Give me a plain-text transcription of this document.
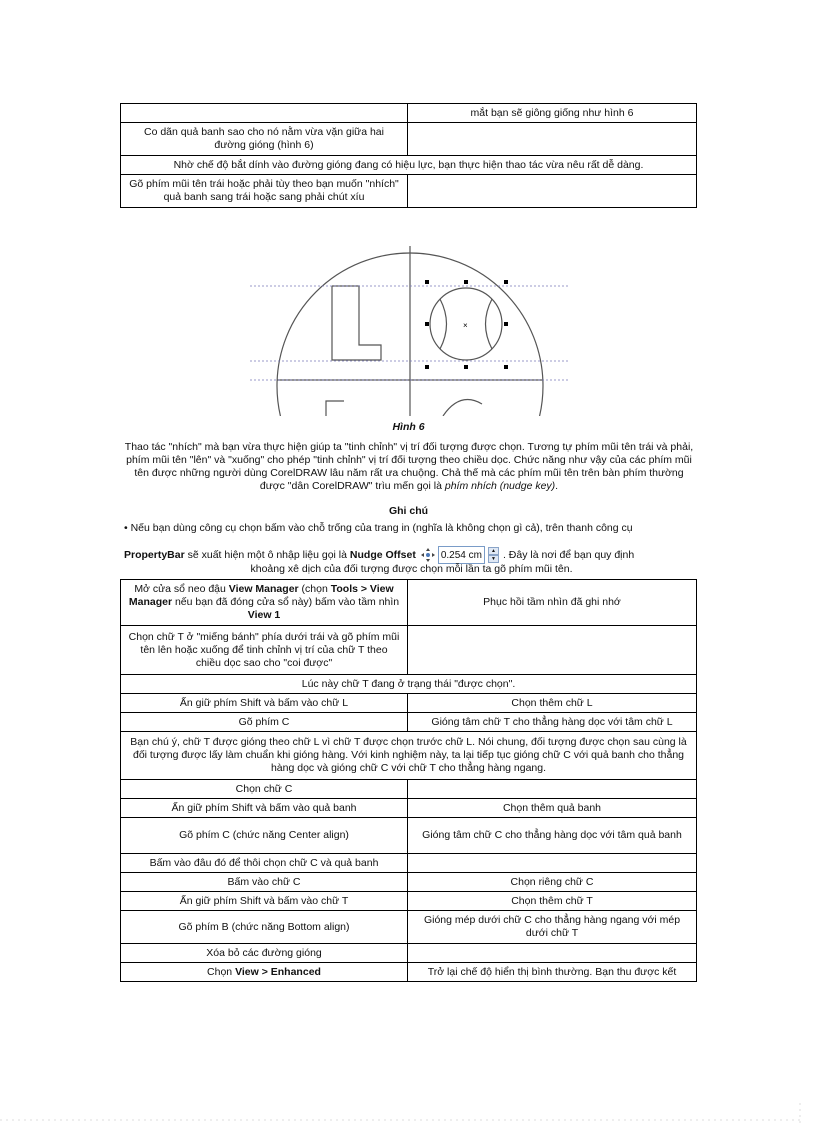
	mắt bạn sẽ giông giống như hình 6
Co dãn quả banh sao cho nó nằm vừa vặn giữa hai đường gióng (hình 6)	
Nhờ chế độ bắt dính vào đường gióng đang có hiệu lực, bạn thực hiện thao tác vừa nêu rất dễ dàng.	
Gõ phím mũi tên trái hoặc phải tùy theo bạn muốn "nhích" quả banh sang trái hoặc sang phải chút xíu	
×
Hình 6
Thao tác "nhích" mà bạn vừa thực hiện giúp ta "tinh chỉnh" vị trí đối tượng được chọn. Tương tự phím mũi tên trái và phải, phím mũi tên "lên" và "xuống" cho phép "tinh chỉnh" vị trí đối tượng theo chiều dọc. Chức năng như vậy của các phím mũi tên được những người dùng CorelDRAW lâu năm rất ưa chuộng. Chả thế mà các phím mũi tên trên bàn phím thường được "dân CorelDRAW" trìu mến gọi là phím nhích (nudge key).
Ghi chú
• Nếu bạn dùng công cụ chọn bấm vào chỗ trống của trang in (nghĩa là không chọn gì cả), trên thanh công cụ
PropertyBar sẽ xuất hiện một ô nhập liệu gọi là Nudge Offset	0.254 cm	▲
▼ . Đây là nơi để bạn quy định
khoảng xê dịch của đối tượng được chọn mỗi lần ta gõ phím mũi tên.
Mở cửa sổ neo đậu View Manager (chọn Tools > View Manager nếu bạn đã đóng cửa sổ này) bấm vào tầm nhìn View 1	Phục hồi tầm nhìn đã ghi nhớ
Chọn chữ T ở "miếng bánh" phía dưới trái và gõ phím mũi tên lên hoặc xuống để tinh chỉnh vị trí của chữ T theo chiều dọc sao cho "coi được"	
Lúc này chữ T đang ở trạng thái "được chọn".	
Ấn giữ phím Shift và bấm vào chữ L	Chọn thêm chữ L
Gõ phím C	Gióng tâm chữ T cho thẳng hàng dọc với tâm chữ L
Bạn chú ý, chữ T được gióng theo chữ L vì chữ T được chọn trước chữ L. Nói chung, đối tượng được chọn sau cùng là đối tượng được lấy làm chuẩn khi gióng hàng. Với kinh nghiệm này, ta lại tiếp tục gióng chữ C với quả banh cho thẳng hàng dọc và gióng chữ C với chữ T cho thẳng hàng ngang.	
Chọn chữ C	
Ấn giữ phím Shift và bấm vào quả banh	Chọn thêm quả banh
Gõ phím C (chức năng Center align)	Gióng tâm chữ C cho thẳng hàng dọc với tâm quả banh
Bấm vào đâu đó để thôi chọn chữ C và quả banh	
Bấm vào chữ C	Chọn riêng chữ C
Ấn giữ phím Shift và bấm vào chữ T	Chọn thêm chữ T
Gõ phím B (chức năng Bottom align)	Gióng mép dưới chữ C cho thẳng hàng ngang với mép dưới chữ T
Xóa bỏ các đường gióng	
Chọn View > Enhanced	Trở lại chế độ hiển thị bình thường. Bạn thu được kết
